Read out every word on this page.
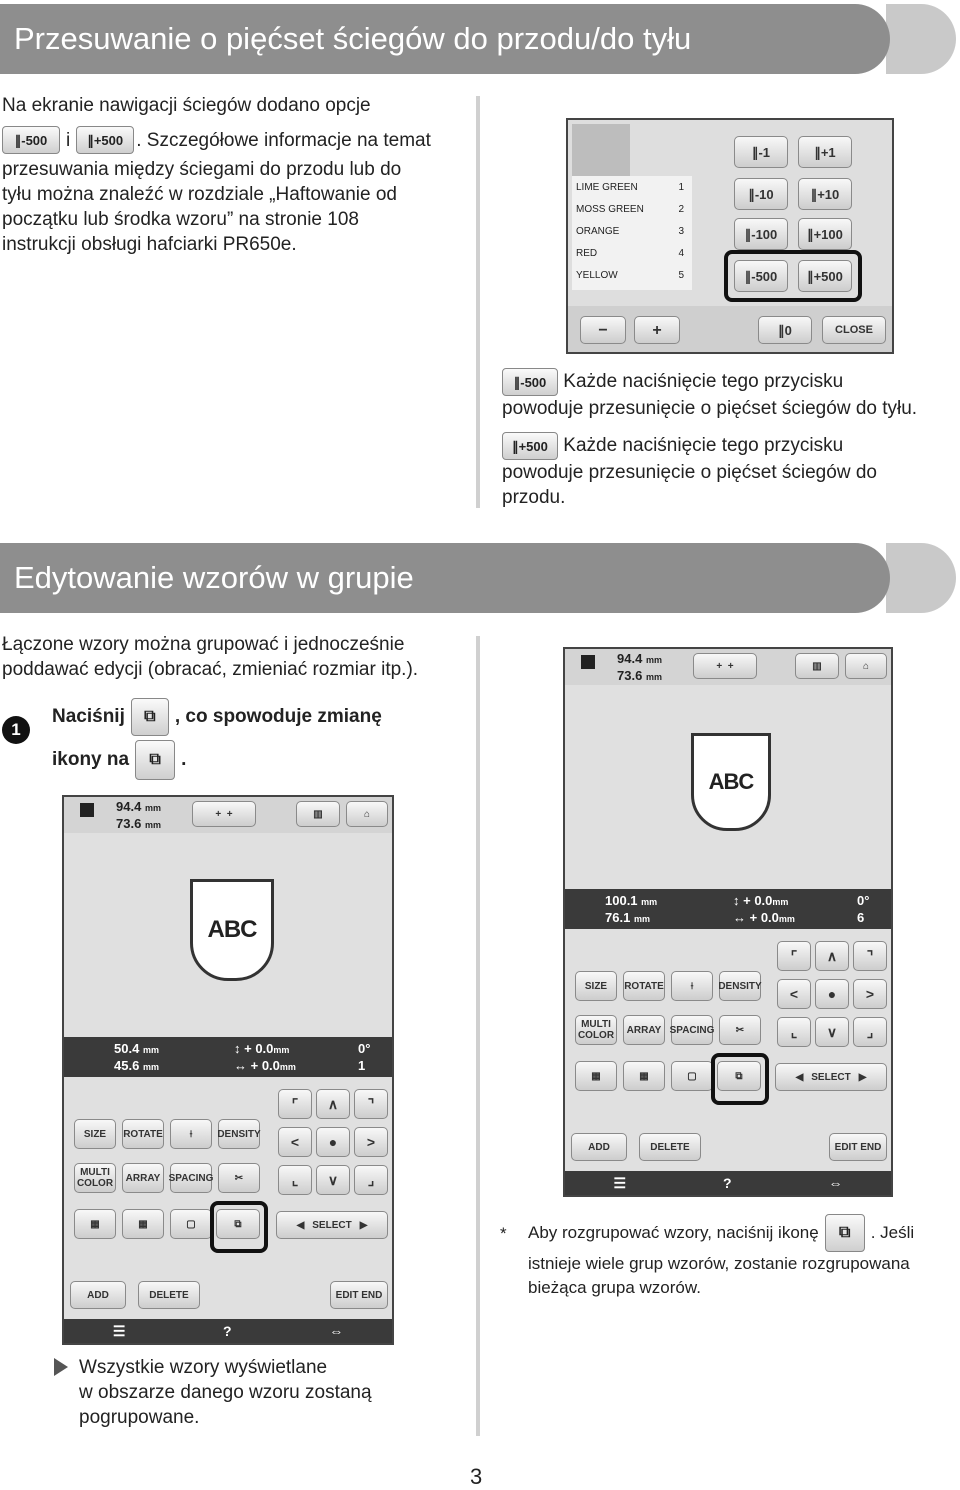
Przesuwanie o pięćset ściegów do przodu/do tyłu
Na ekranie nawigacji ściegów dodano opcje
∥ -500 i	∥ +500 . Szczegółowe informacje na temat
przesuwania między ściegami do przodu lub do
tyłu można znaleźć w rozdziale „Haftowanie od
początku lub środka wzoru” na stronie 108
instrukcji obsługi hafciarki PR650e.
LIME GREEN	1
MOSS GREEN	2
ORANGE	3
RED	4
YELLOW	5
∥ -1	∥ +1
∥ -10	∥ +10
∥ -100	∥ +100
∥ -500	∥ +500
−	+	∥ 0	CLOSE
∥ -500 Każde naciśnięcie tego przycisku
powoduje przesunięcie o pięćset ściegów do tyłu.
∥ +500 Każde naciśnięcie tego przycisku
powoduje przesunięcie o pięćset ściegów do
przodu.
Edytowanie wzorów w grupie
Łączone wzory można grupować i jednocześnie
poddawać edycji (obracać, zmieniać rozmiar itp.).
1
Naciśnij	⧉	, co spowoduje zmianę
ikony na	⧉	.
94.4 mm
73.6 mm
+  +	▥	⌂
ABC
50.4 mm
45.6 mm
↕ + 0.0mm
↔ + 0.0mm
0°
1
SIZE	ROTATE	⟊	DENSITY
MULTI COLOR	ARRAY SPACING	✂
▦	▦	▢	⧉
⌜	∧	⌝
<	●	>
⌞	∨	⌟
◀ SELECT ▶
ADD	DELETE	EDIT END
☰	?	⇔
94.4 mm
73.6 mm
+  +	▥	⌂
ABC
100.1 mm
76.1 mm
↕ + 0.0mm
↔ + 0.0mm
0°
6
SIZE	ROTATE	⟊	DENSITY
MULTI COLOR	ARRAY SPACING	✂
▦	▦	▢	⧉
⌜	∧	⌝
<	●	>
⌞	∨	⌟
◀ SELECT ▶
ADD	DELETE	EDIT END
☰	?	⇔
* Aby rozgrupować wzory, naciśnij ikonę	⧉	. Jeśli
istnieje wiele grup wzorów, zostanie rozgrupowana
bieżąca grupa wzorów.
Wszystkie wzory wyświetlane
w obszarze danego wzoru zostaną
pogrupowane.
3
